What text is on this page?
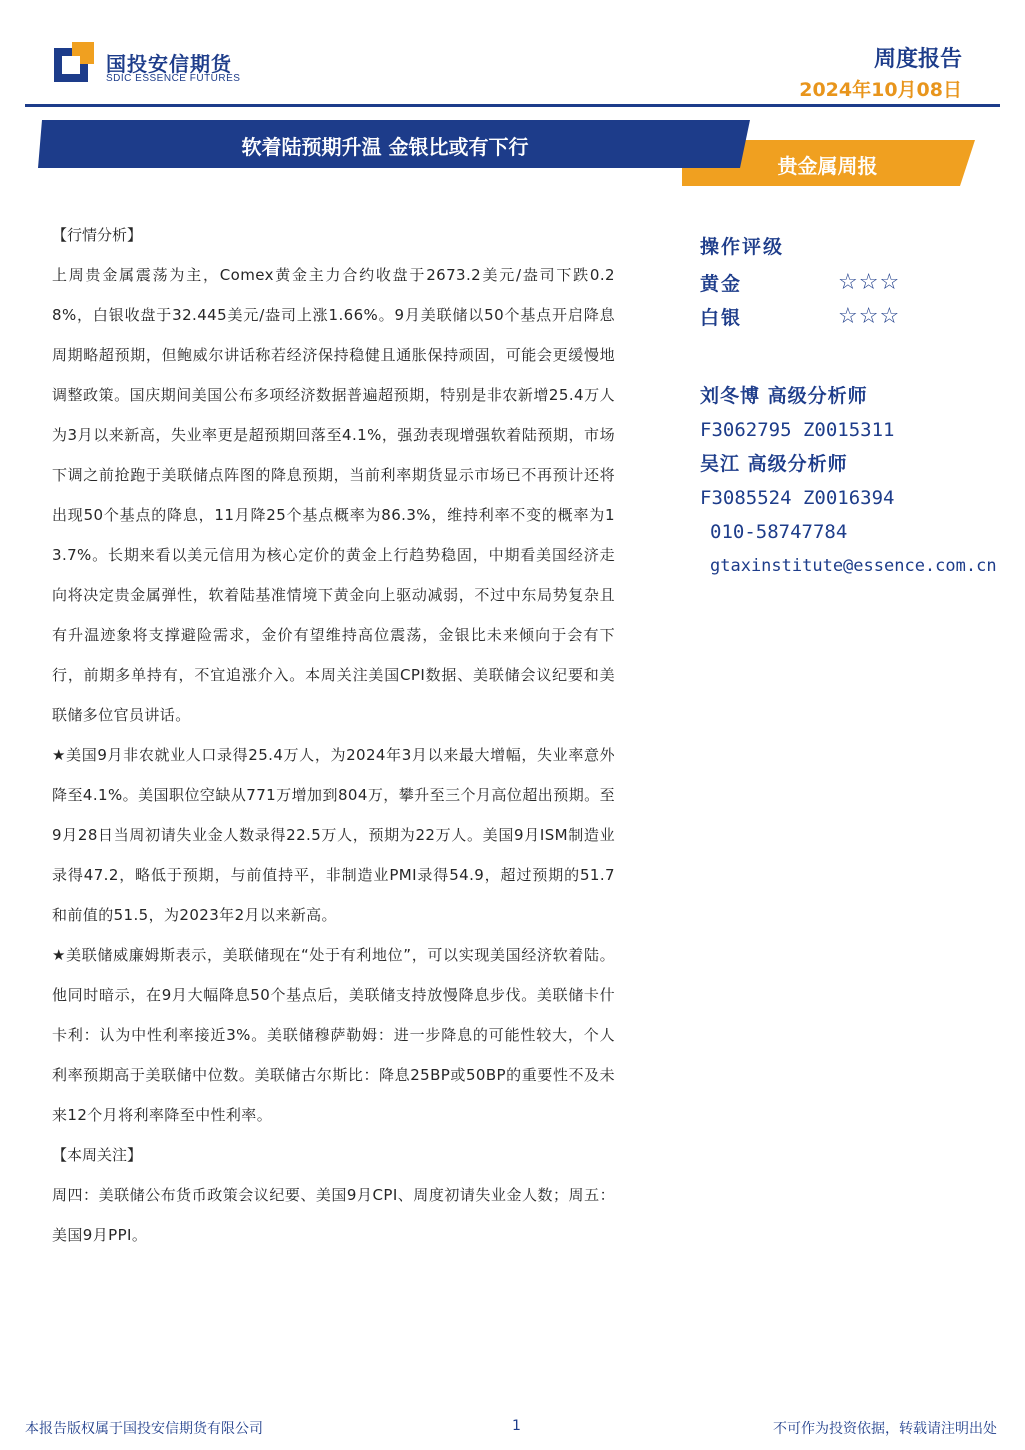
国投安信期货
SDIC ESSENCE FUTURES
周度报告
2024年10月08日
软着陆预期升温 金银比或有下行
贵金属周报

【行情分析】

上周贵金属震荡为主，Comex黄金主力合约收盘于2673.2美元/盎司下跌0.28%，白银收盘于32.445美元/盎司上涨1.66%。9月美联储以50个基点开启降息周期略超预期，但鲍威尔讲话称若经济保持稳健且通胀保持顽固，可能会更缓慢地调整政策。国庆期间美国公布多项经济数据普遍超预期，特别是非农新增25.4万人为3月以来新高，失业率更是超预期回落至4.1%，强劲表现增强软着陆预期，市场下调之前抢跑于美联储点阵图的降息预期，当前利率期货显示市场已不再预计还将出现50个基点的降息，11月降25个基点概率为86.3%，维持利率不变的概率为13.7%。长期来看以美元信用为核心定价的黄金上行趋势稳固，中期看美国经济走向将决定贵金属弹性，软着陆基准情境下黄金向上驱动减弱，不过中东局势复杂且有升温迹象将支撑避险需求，金价有望维持高位震荡，金银比未来倾向于会有下行，前期多单持有，不宜追涨介入。本周关注美国CPI数据、美联储会议纪要和美联储多位官员讲话。

★美国9月非农就业人口录得25.4万人，为2024年3月以来最大增幅，失业率意外降至4.1%。美国职位空缺从771万增加到804万，攀升至三个月高位超出预期。至9月28日当周初请失业金人数录得22.5万人，预期为22万人。美国9月ISM制造业录得47.2，略低于预期，与前值持平，非制造业PMI录得54.9，超过预期的51.7和前值的51.5，为2023年2月以来新高。

★美联储威廉姆斯表示，美联储现在“处于有利地位”，可以实现美国经济软着陆。他同时暗示，在9月大幅降息50个基点后，美联储支持放慢降息步伐。美联储卡什卡利：认为中性利率接近3%。美联储穆萨勒姆：进一步降息的可能性较大，个人利率预期高于美联储中位数。美联储古尔斯比：降息25BP或50BP的重要性不及未来12个月将利率降至中性利率。

【本周关注】

周四：美联储公布货币政策会议纪要、美国9月CPI、周度初请失业金人数；周五：美国9月PPI。

操作评级

黄金	☆☆☆
白银	☆☆☆

刘冬博 高级分析师

F3062795 Z0015311

吴江 高级分析师

F3085524 Z0016394

010-58747784

gtaxinstitute@essence.com.cn

本报告版权属于国投安信期货有限公司	1	不可作为投资依据，转载请注明出处
